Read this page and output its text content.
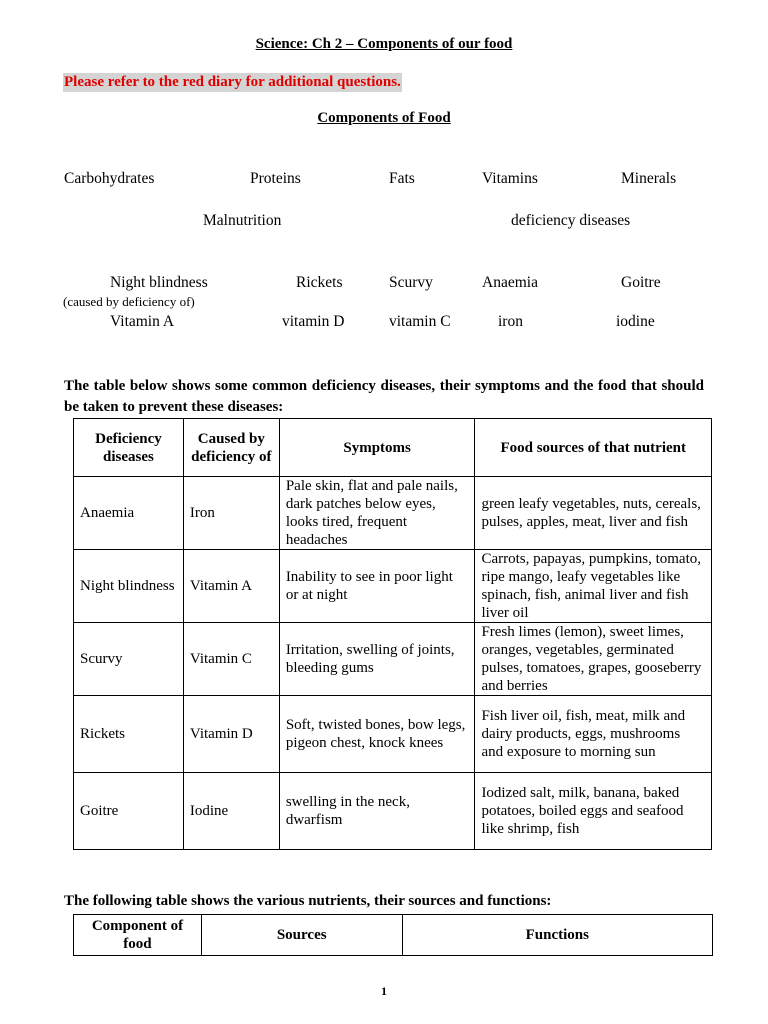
Science: Ch 2 – Components of our food
Please refer to the red diary for additional questions.
Components of Food
Carbohydrates	Proteins	Fats	Vitamins	Minerals
Malnutrition	deficiency diseases
Night blindness	Rickets	Scurvy	Anaemia	Goitre
(caused by deficiency of)
Vitamin A	vitamin D	vitamin C	iron	iodine
The table below shows some common deficiency diseases, their symptoms and the food that should be taken to prevent these diseases:
Deficiency diseases	Caused by deficiency of	Symptoms	Food sources of that nutrient
Anaemia	Iron	Pale skin, flat and pale nails, dark patches below eyes, looks tired, frequent headaches	green leafy vegetables, nuts, cereals, pulses, apples, meat, liver and fish
Night blindness	Vitamin A	Inability to see in poor light or at night	Carrots, papayas, pumpkins, tomato, ripe mango, leafy vegetables like spinach, fish, animal liver and fish liver oil
Scurvy	Vitamin C	Irritation, swelling of joints, bleeding gums	Fresh limes (lemon), sweet limes, oranges, vegetables, germinated pulses, tomatoes, grapes, gooseberry and berries
Rickets	Vitamin D	Soft, twisted bones, bow legs, pigeon chest, knock knees	Fish liver oil, fish, meat, milk and dairy products, eggs, mushrooms and exposure to morning sun
Goitre	Iodine	swelling in the neck, dwarfism	Iodized salt, milk, banana, baked potatoes, boiled eggs and seafood like shrimp, fish
The following table shows the various nutrients, their sources and functions:
Component of food	Sources	Functions
1
